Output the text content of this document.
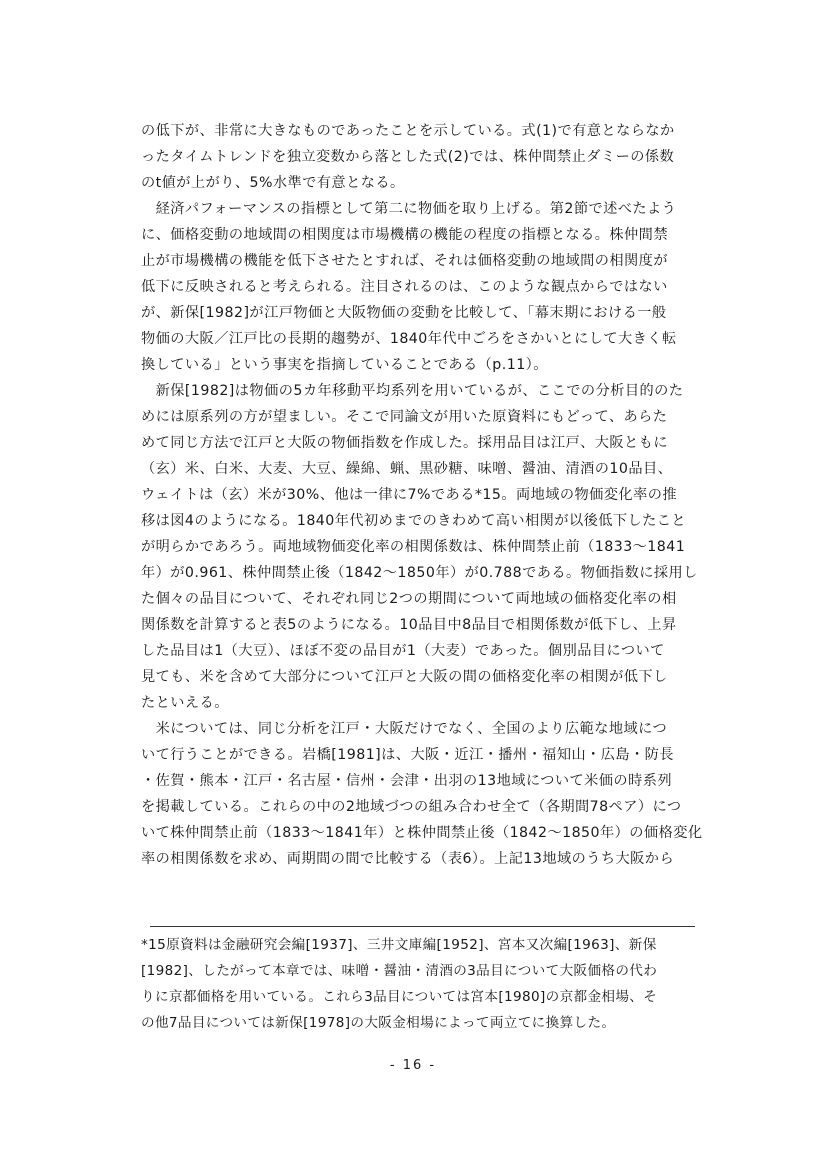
の低下が、非常に大きなものであったことを示している。式(1)で有意とならなか
ったタイムトレンドを独立変数から落とした式(2)では、株仲間禁止ダミーの係数
のt値が上がり、5%水準で有意となる。
　経済パフォーマンスの指標として第二に物価を取り上げる。第2節で述べたよう
に、価格変動の地域間の相関度は市場機構の機能の程度の指標となる。株仲間禁
止が市場機構の機能を低下させたとすれば、それは価格変動の地域間の相関度が
低下に反映されると考えられる。注目されるのは、このような観点からではない
が、新保[1982]が江戸物価と大阪物価の変動を比較して、「幕末期における一般
物価の大阪／江戸比の長期的趨勢が、1840年代中ごろをさかいとにして大きく転
換している」という事実を指摘していることである（p.11）。
　新保[1982]は物価の5カ年移動平均系列を用いているが、ここでの分析目的のた
めには原系列の方が望ましい。そこで同論文が用いた原資料にもどって、あらた
めて同じ方法で江戸と大阪の物価指数を作成した。採用品目は江戸、大阪ともに
（玄）米、白米、大麦、大豆、繰綿、蝋、黒砂糖、味噌、醤油、清酒の10品目、
ウェイトは（玄）米が30%、他は一律に7%である*15。両地域の物価変化率の推
移は図4のようになる。1840年代初めまでのきわめて高い相関が以後低下したこと
が明らかであろう。両地域物価変化率の相関係数は、株仲間禁止前（1833〜1841
年）が0.961、株仲間禁止後（1842〜1850年）が0.788である。物価指数に採用し
た個々の品目について、それぞれ同じ2つの期間について両地域の価格変化率の相
関係数を計算すると表5のようになる。10品目中8品目で相関係数が低下し、上昇
した品目は1（大豆）、ほぼ不変の品目が1（大麦）であった。個別品目について
見ても、米を含めて大部分について江戸と大阪の間の価格変化率の相関が低下し
たといえる。
　米については、同じ分析を江戸・大阪だけでなく、全国のより広範な地域につ
いて行うことができる。岩橋[1981]は、大阪・近江・播州・福知山・広島・防長
・佐賀・熊本・江戸・名古屋・信州・会津・出羽の13地域について米価の時系列
を掲載している。これらの中の2地域づつの組み合わせ全て（各期間78ペア）につ
いて株仲間禁止前（1833〜1841年）と株仲間禁止後（1842〜1850年）の価格変化
率の相関係数を求め、両期間の間で比較する（表6）。上記13地域のうち大阪から
*15原資料は金融研究会編[1937]、三井文庫編[1952]、宮本又次編[1963]、新保
[1982]、したがって本章では、味噌・醤油・清酒の3品目について大阪価格の代わ
りに京都価格を用いている。これら3品目については宮本[1980]の京都金相場、そ
の他7品目については新保[1978]の大阪金相場によって両立てに換算した。
- 16 -
